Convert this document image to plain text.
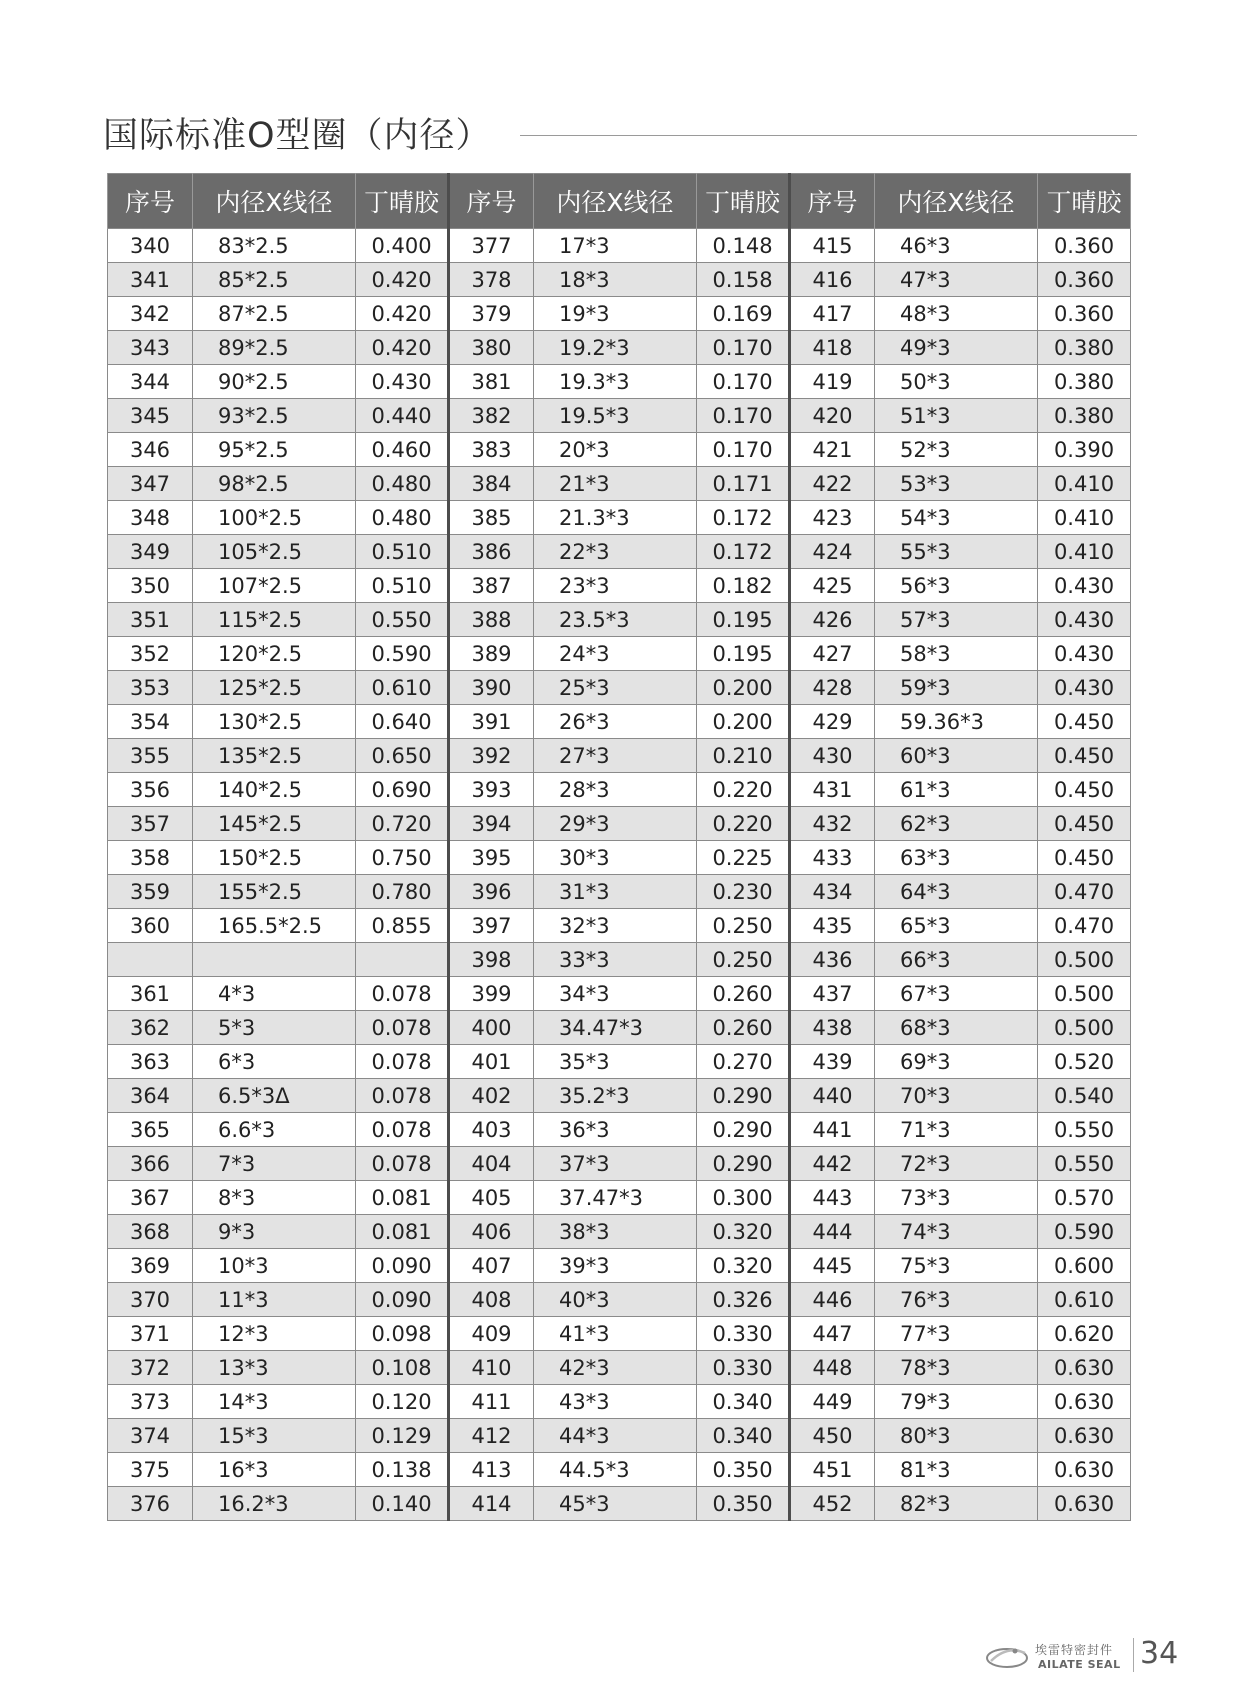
国际标准O型圈（内径）
序号	内径X线径	丁晴胶	序号	内径X线径	丁晴胶	序号	内径X线径	丁晴胶
340	83*2.5	0.400	377	17*3	0.148	415	46*3	0.360
341	85*2.5	0.420	378	18*3	0.158	416	47*3	0.360
342	87*2.5	0.420	379	19*3	0.169	417	48*3	0.360
343	89*2.5	0.420	380	19.2*3	0.170	418	49*3	0.380
344	90*2.5	0.430	381	19.3*3	0.170	419	50*3	0.380
345	93*2.5	0.440	382	19.5*3	0.170	420	51*3	0.380
346	95*2.5	0.460	383	20*3	0.170	421	52*3	0.390
347	98*2.5	0.480	384	21*3	0.171	422	53*3	0.410
348	100*2.5	0.480	385	21.3*3	0.172	423	54*3	0.410
349	105*2.5	0.510	386	22*3	0.172	424	55*3	0.410
350	107*2.5	0.510	387	23*3	0.182	425	56*3	0.430
351	115*2.5	0.550	388	23.5*3	0.195	426	57*3	0.430
352	120*2.5	0.590	389	24*3	0.195	427	58*3	0.430
353	125*2.5	0.610	390	25*3	0.200	428	59*3	0.430
354	130*2.5	0.640	391	26*3	0.200	429	59.36*3	0.450
355	135*2.5	0.650	392	27*3	0.210	430	60*3	0.450
356	140*2.5	0.690	393	28*3	0.220	431	61*3	0.450
357	145*2.5	0.720	394	29*3	0.220	432	62*3	0.450
358	150*2.5	0.750	395	30*3	0.225	433	63*3	0.450
359	155*2.5	0.780	396	31*3	0.230	434	64*3	0.470
360	165.5*2.5	0.855	397	32*3	0.250	435	65*3	0.470
			398	33*3	0.250	436	66*3	0.500
361	4*3	0.078	399	34*3	0.260	437	67*3	0.500
362	5*3	0.078	400	34.47*3	0.260	438	68*3	0.500
363	6*3	0.078	401	35*3	0.270	439	69*3	0.520
364	6.5*3Δ	0.078	402	35.2*3	0.290	440	70*3	0.540
365	6.6*3	0.078	403	36*3	0.290	441	71*3	0.550
366	7*3	0.078	404	37*3	0.290	442	72*3	0.550
367	8*3	0.081	405	37.47*3	0.300	443	73*3	0.570
368	9*3	0.081	406	38*3	0.320	444	74*3	0.590
369	10*3	0.090	407	39*3	0.320	445	75*3	0.600
370	11*3	0.090	408	40*3	0.326	446	76*3	0.610
371	12*3	0.098	409	41*3	0.330	447	77*3	0.620
372	13*3	0.108	410	42*3	0.330	448	78*3	0.630
373	14*3	0.120	411	43*3	0.340	449	79*3	0.630
374	15*3	0.129	412	44*3	0.340	450	80*3	0.630
375	16*3	0.138	413	44.5*3	0.350	451	81*3	0.630
376	16.2*3	0.140	414	45*3	0.350	452	82*3	0.630
埃雷特密封件
AILATE SEAL 34
